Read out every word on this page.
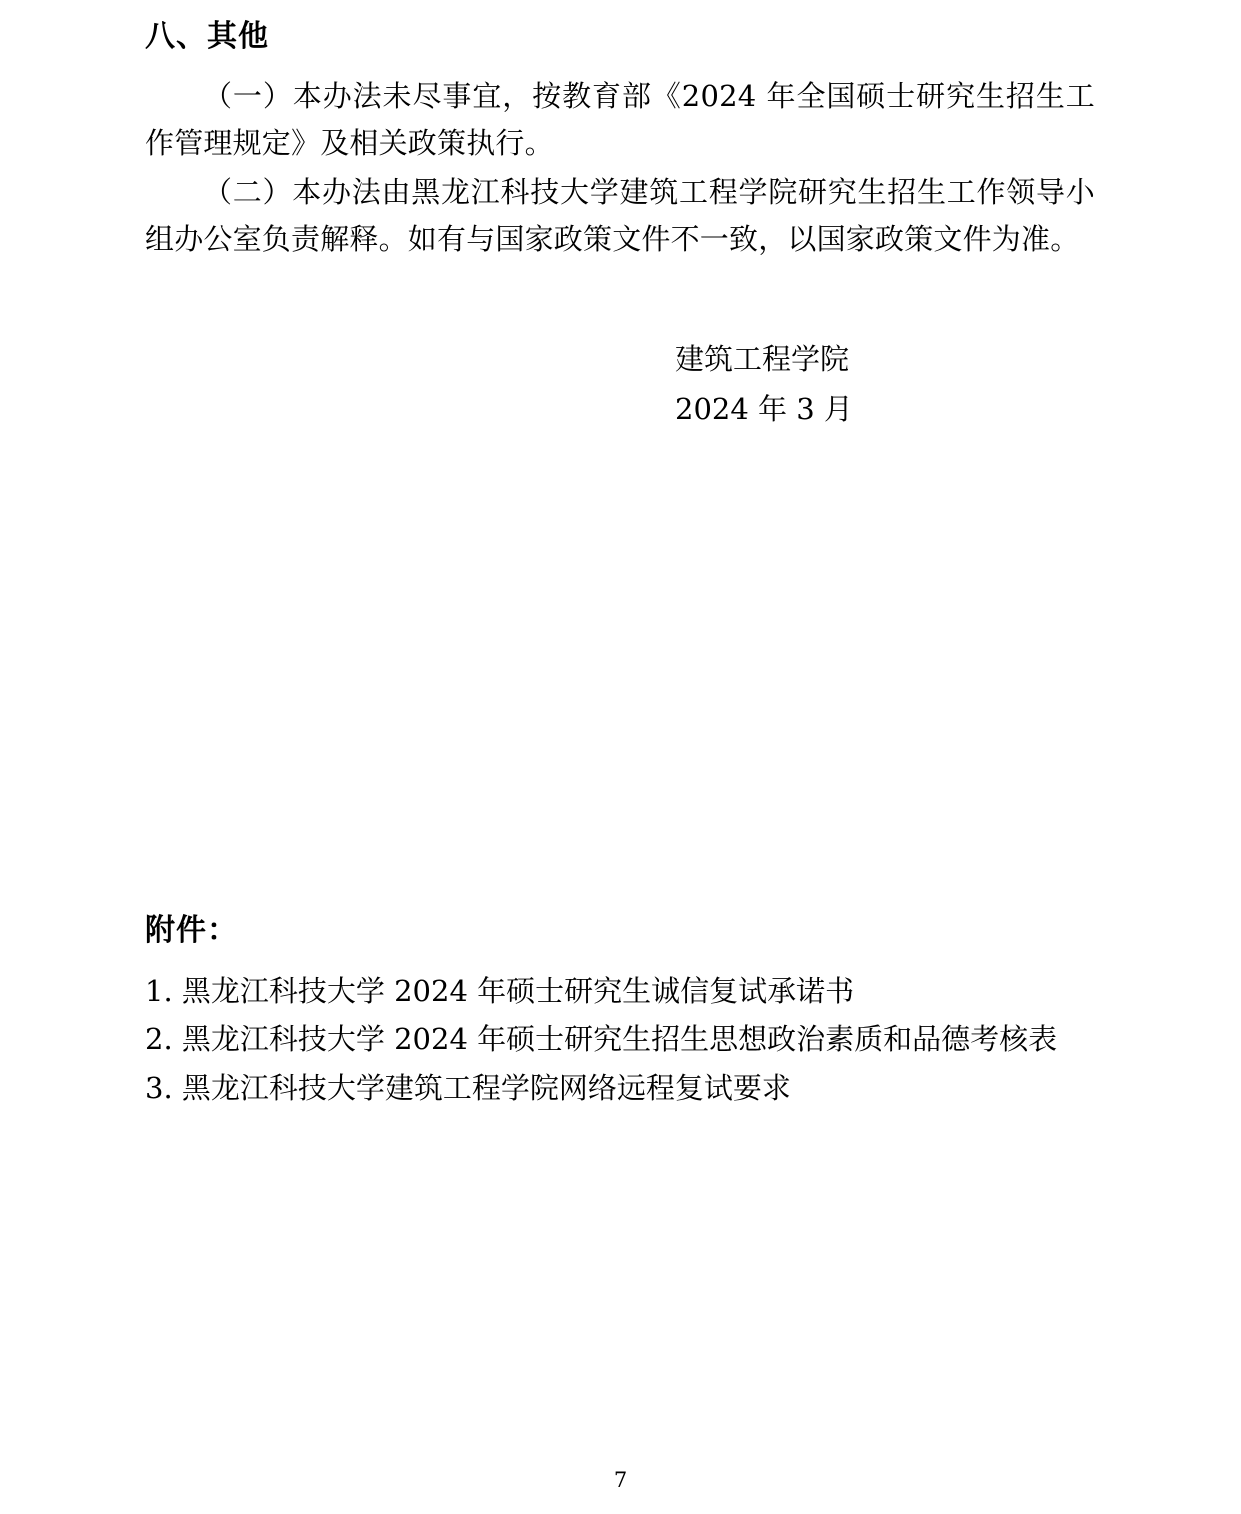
八、其他

（一）本办法未尽事宜，按教育部《2024 年全国硕士研究生招生工作管理规定》及相关政策执行。

（二）本办法由黑龙江科技大学建筑工程学院研究生招生工作领导小组办公室负责解释。如有与国家政策文件不一致，以国家政策文件为准。

建筑工程学院
2024 年 3 月
附件：
1. 黑龙江科技大学 2024 年硕士研究生诚信复试承诺书
2. 黑龙江科技大学 2024 年硕士研究生招生思想政治素质和品德考核表
3. 黑龙江科技大学建筑工程学院网络远程复试要求
7
